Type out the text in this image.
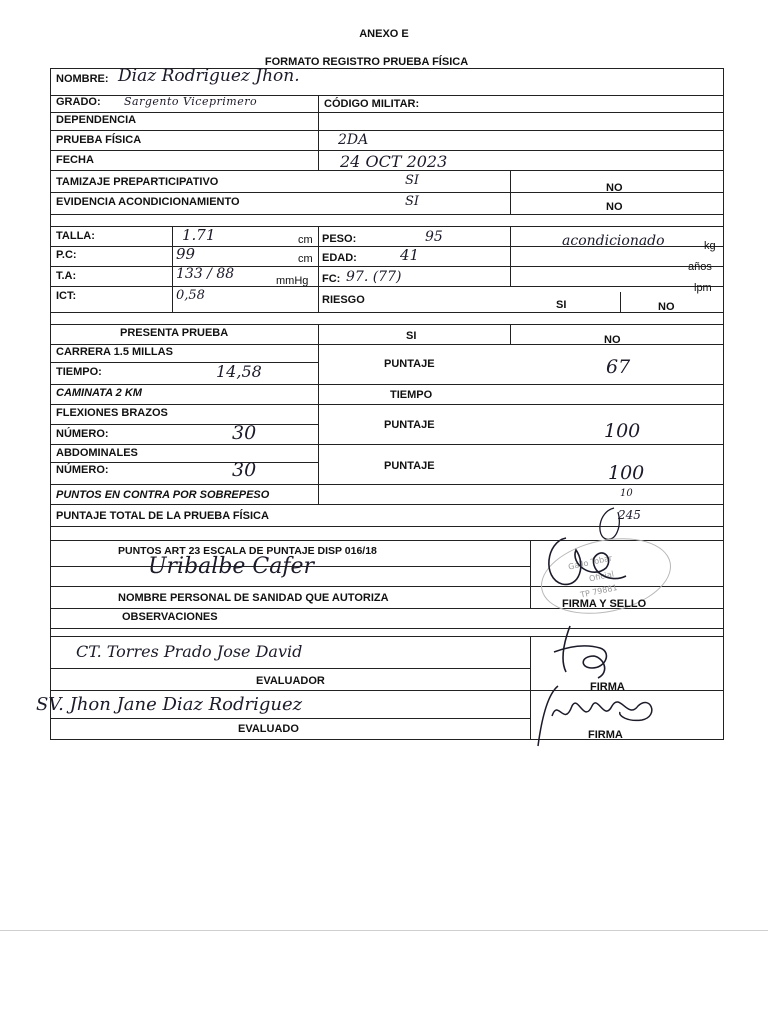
ANEXO E
FORMATO REGISTRO PRUEBA FÍSICA
NOMBRE: Diaz Rodriguez Jhon.
GRADO: Sargento Viceprimero	CÓDIGO MILITAR:
DEPENDENCIA
PRUEBA FÍSICA	2DA
FECHA	24 OCT 2023
TAMIZAJE PREPARTICIPATIVO	SI	NO
EVIDENCIA ACONDICIONAMIENTO	SI	NO
TALLA:	1.71	cm PESO:	95	acondicionado	kg
P.C:	99	cm EDAD:	41
años
T.A:	133 / 88	mmHg FC: 97. (77)
lpm
ICT:	0,58	RIESGO	SI	NO
PRESENTA PRUEBA	SI	NO
CARRERA 1.5 MILLAS
TIEMPO:	14,58	PUNTAJE	67
CAMINATA 2 KM	TIEMPO
FLEXIONES BRAZOS
NÚMERO:	30	PUNTAJE	100
ABDOMINALES
NÚMERO:	30	PUNTAJE	100
PUNTOS EN CONTRA POR SOBREPESO	10
PUNTAJE TOTAL DE LA PRUEBA FÍSICA	245
PUNTOS ART 23 ESCALA DE PUNTAJE DISP 016/18
Uribalbe Cafer	Gallo Tobar
Oficial
TP 79881
NOMBRE PERSONAL DE SANIDAD QUE AUTORIZA	FIRMA Y SELLO
OBSERVACIONES
CT. Torres Prado Jose David
EVALUADOR	FIRMA
SV. Jhon Jane Diaz Rodriguez
EVALUADO	FIRMA
